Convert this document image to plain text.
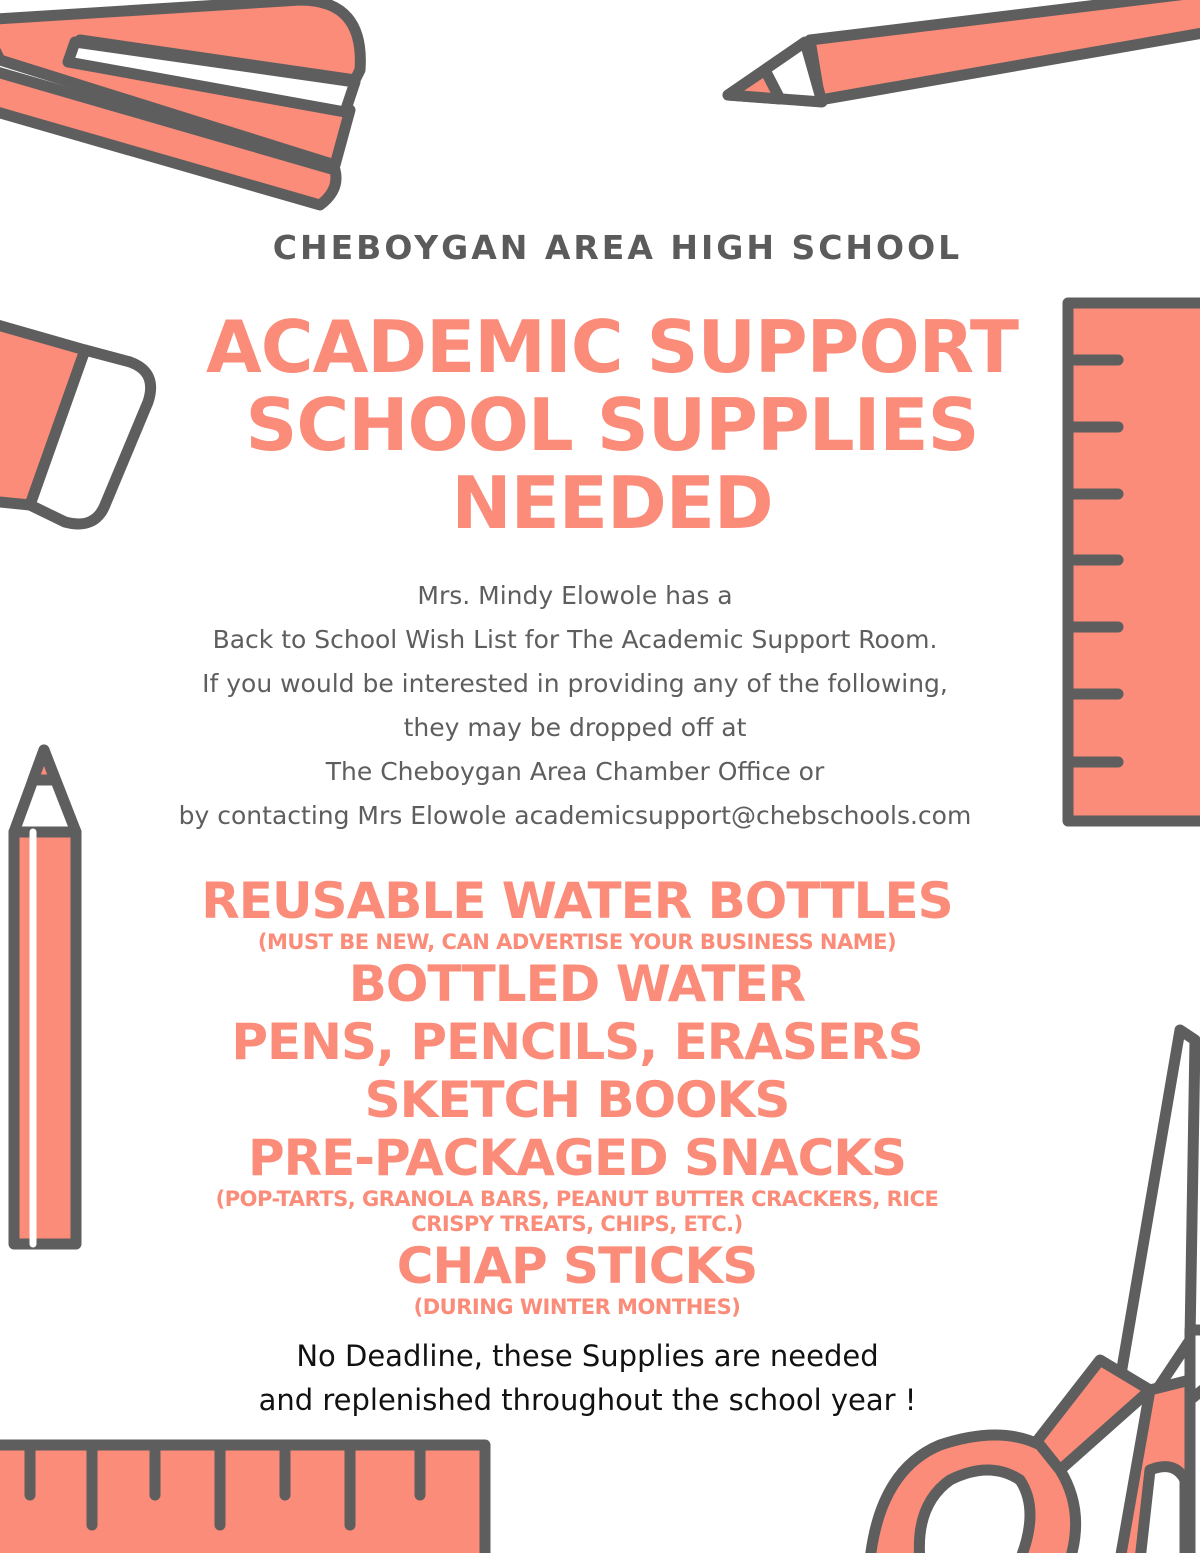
CHEBOYGAN AREA HIGH SCHOOL

ACADEMIC SUPPORT
SCHOOL SUPPLIES
NEEDED
Mrs. Mindy Elowole has a
Back to School Wish List for The Academic Support Room.
If you would be interested in providing any of the following,
they may be dropped off at
The Cheboygan Area Chamber Office or
by contacting Mrs Elowole academicsupport@chebschools.com
REUSABLE WATER BOTTLES
(MUST BE NEW, CAN ADVERTISE YOUR BUSINESS NAME)
BOTTLED WATER
PENS, PENCILS, ERASERS
SKETCH BOOKS
PRE-PACKAGED SNACKS
(POP-TARTS, GRANOLA BARS, PEANUT BUTTER CRACKERS, RICE
CRISPY TREATS, CHIPS, ETC.)
CHAP STICKS
(DURING WINTER MONTHES)
No Deadline, these Supplies are needed
and replenished throughout the school year !
